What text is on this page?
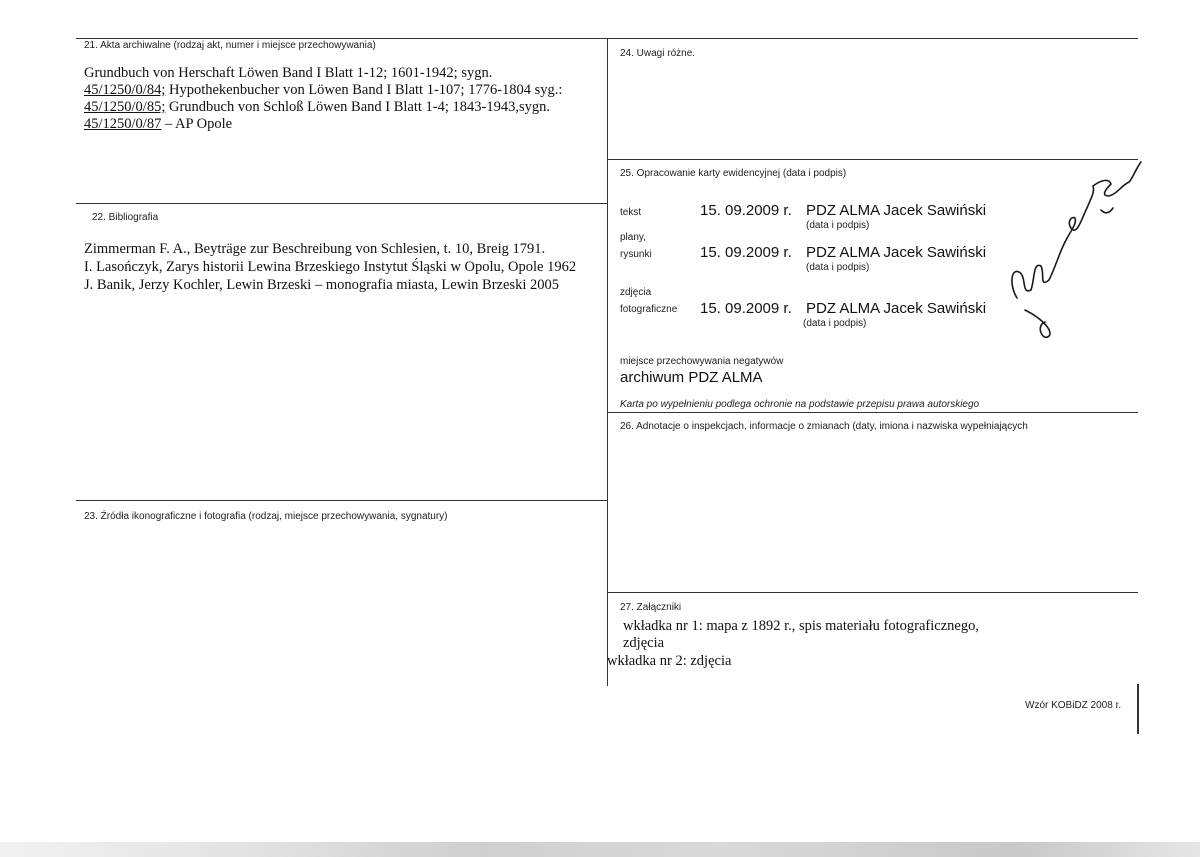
21. Akta archiwalne (rodzaj akt, numer i miejsce przechowywania)
Grundbuch von Herschaft Löwen Band I Blatt 1-12; 1601-1942; sygn.
45/1250/0/84; Hypothekenbucher von Löwen Band I Blatt 1-107; 1776-1804 syg.:
45/1250/0/85; Grundbuch von Schloß Löwen Band I Blatt 1-4; 1843-1943,sygn.
45/1250/0/87 – AP Opole
22. Bibliografia
Zimmerman F. A., Beyträge zur Beschreibung von Schlesien, t. 10, Breig 1791.
I. Lasończyk, Zarys historii Lewina Brzeskiego Instytut Śląski w Opolu, Opole 1962
J. Banik, Jerzy Kochler, Lewin Brzeski – monografia miasta, Lewin Brzeski 2005
23. Źródła ikonograficzne i fotografia (rodzaj, miejsce przechowywania, sygnatury)
24. Uwagi różne.
25. Opracowanie karty ewidencyjnej (data i podpis)
tekst	15. 09.2009 r. PDZ ALMA Jacek Sawiński
(data i podpis)
plany,
rysunki	15. 09.2009 r. PDZ ALMA Jacek Sawiński
(data i podpis)
zdjęcia
fotograficzne 15. 09.2009 r. PDZ ALMA Jacek Sawiński
(data i podpis)
miejsce przechowywania negatywów
archiwum PDZ ALMA
Karta po wypełnieniu podlega ochronie na podstawie przepisu prawa autorskiego
26. Adnotacje o inspekcjach, informacje o zmianach (daty, imiona i nazwiska wypełniających
27. Załączniki
wkładka nr 1: mapa z 1892 r., spis materiału fotograficznego,
zdjęcia
wkładka nr 2: zdjęcia
Wzór KOBiDZ 2008 r.
